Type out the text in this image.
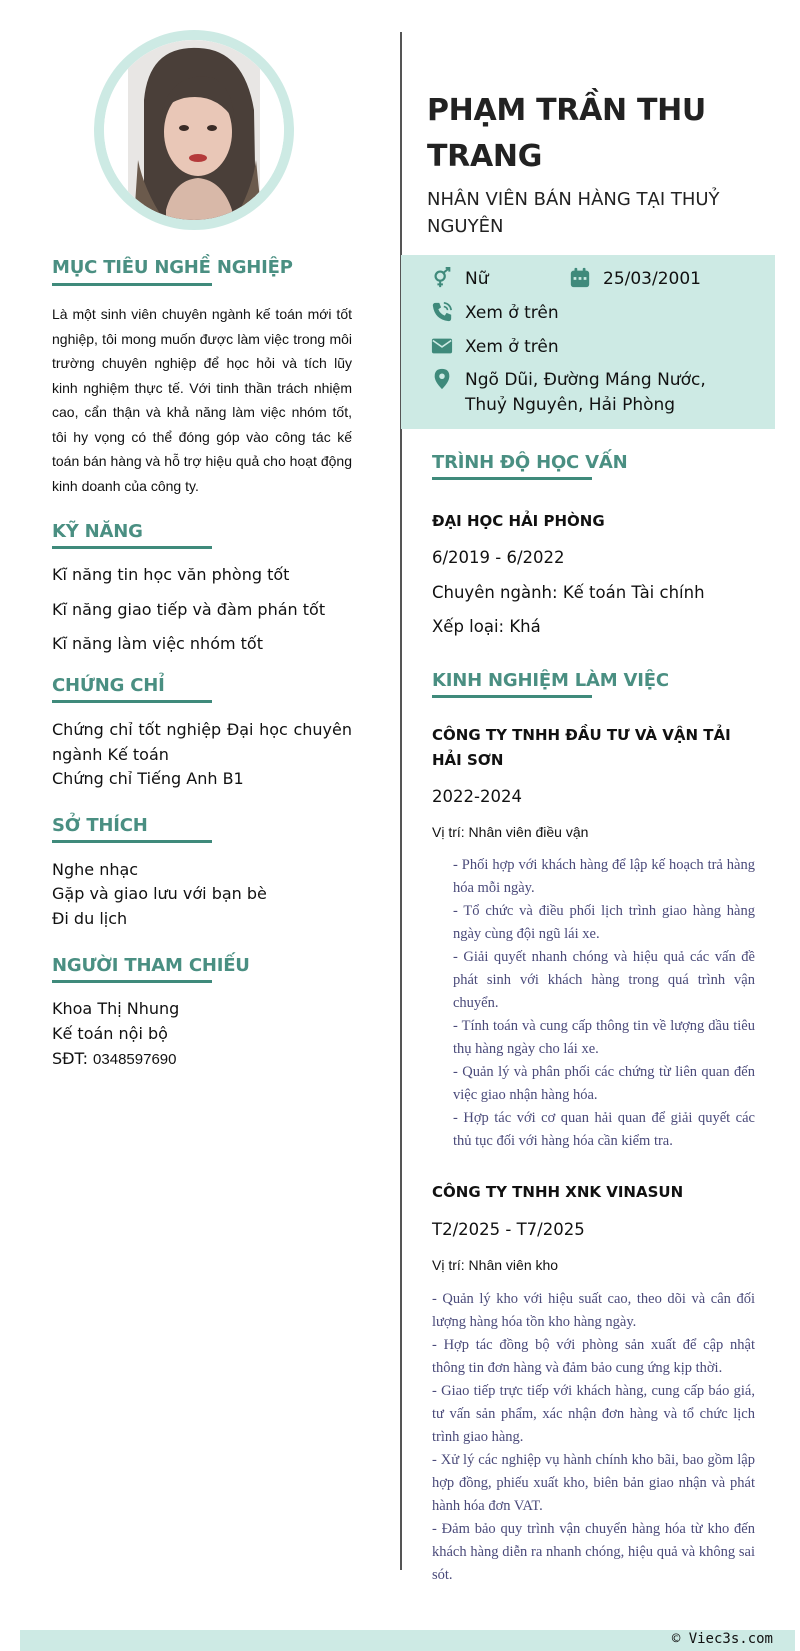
MỤC TIÊU NGHỀ NGHIỆP
Là một sinh viên chuyên ngành kế toán mới tốt nghiệp, tôi mong muốn được làm việc trong môi trường chuyên nghiệp để học hỏi và tích lũy kinh nghiệm thực tế. Với tinh thần trách nhiệm cao, cẩn thận và khả năng làm việc nhóm tốt, tôi hy vọng có thể đóng góp vào công tác kế toán bán hàng và hỗ trợ hiệu quả cho hoạt động kinh doanh của công ty.
KỸ NĂNG
Kĩ năng tin học văn phòng tốt
Kĩ năng giao tiếp và đàm phán tốt
Kĩ năng làm việc nhóm tốt
CHỨNG CHỈ
Chứng chỉ tốt nghiệp Đại học chuyên ngành Kế toán
Chứng chỉ Tiếng Anh B1
SỞ THÍCH
Nghe nhạc
Gặp và giao lưu với bạn bè
Đi du lịch
NGƯỜI THAM CHIẾU
Khoa Thị Nhung
Kế toán nội bộ
SĐT: 0348597690
PHẠM TRẦN THU TRANG
NHÂN VIÊN BÁN HÀNG TẠI THUỶ NGUYÊN
Nữ	25/03/2001
Xem ở trên
Xem ở trên
Ngõ Dũi, Đường Máng Nước, Thuỷ Nguyên, Hải Phòng
TRÌNH ĐỘ HỌC VẤN
ĐẠI HỌC HẢI PHÒNG
6/2019 - 6/2022
Chuyên ngành: Kế toán Tài chính
Xếp loại: Khá
KINH NGHIỆM LÀM VIỆC
CÔNG TY TNHH ĐẦU TƯ VÀ VẬN TẢI HẢI SƠN
2022-2024
Vị trí: Nhân viên điều vận
- Phối hợp với khách hàng để lập kế hoạch trả hàng hóa mỗi ngày.
- Tổ chức và điều phối lịch trình giao hàng hàng ngày cùng đội ngũ lái xe.
- Giải quyết nhanh chóng và hiệu quả các vấn đề phát sinh với khách hàng trong quá trình vận chuyển.
- Tính toán và cung cấp thông tin về lượng dầu tiêu thụ hàng ngày cho lái xe.
- Quản lý và phân phối các chứng từ liên quan đến việc giao nhận hàng hóa.
- Hợp tác với cơ quan hải quan để giải quyết các thủ tục đối với hàng hóa cần kiểm tra.
CÔNG TY TNHH XNK VINASUN
T2/2025 - T7/2025
Vị trí: Nhân viên kho
- Quản lý kho với hiệu suất cao, theo dõi và cân đối lượng hàng hóa tồn kho hàng ngày.
- Hợp tác đồng bộ với phòng sản xuất để cập nhật thông tin đơn hàng và đảm bảo cung ứng kịp thời.
- Giao tiếp trực tiếp với khách hàng, cung cấp báo giá, tư vấn sản phẩm, xác nhận đơn hàng và tổ chức lịch trình giao hàng.
- Xử lý các nghiệp vụ hành chính kho bãi, bao gồm lập hợp đồng, phiếu xuất kho, biên bản giao nhận và phát hành hóa đơn VAT.
- Đảm bảo quy trình vận chuyển hàng hóa từ kho đến khách hàng diễn ra nhanh chóng, hiệu quả và không sai sót.
© Viec3s.com
